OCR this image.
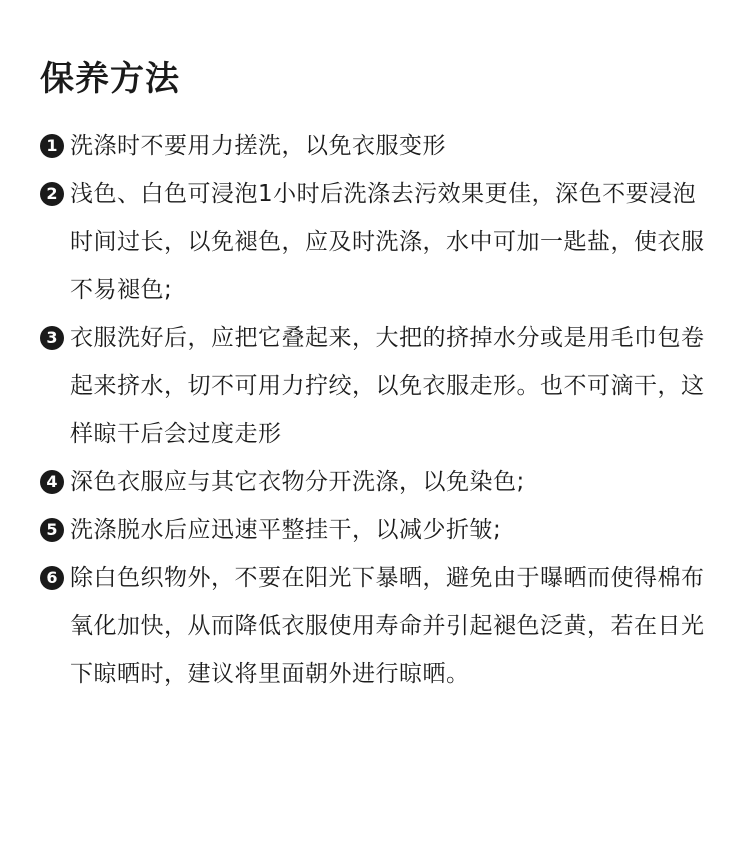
保养方法
1 洗涤时不要用力搓洗，以免衣服变形
2 浅色、白色可浸泡1小时后洗涤去污效果更佳，深色不要浸泡时间过长，以免褪色，应及时洗涤，水中可加一匙盐，使衣服不易褪色;
3 衣服洗好后，应把它叠起来，大把的挤掉水分或是用毛巾包卷起来挤水，切不可用力拧绞，以免衣服走形。也不可滴干，这样晾干后会过度走形
4 深色衣服应与其它衣物分开洗涤，以免染色;
5 洗涤脱水后应迅速平整挂干，以减少折皱;
6 除白色织物外，不要在阳光下暴晒，避免由于曝晒而使得棉布氧化加快，从而降低衣服使用寿命并引起褪色泛黄，若在日光下晾晒时，建议将里面朝外进行晾晒。
